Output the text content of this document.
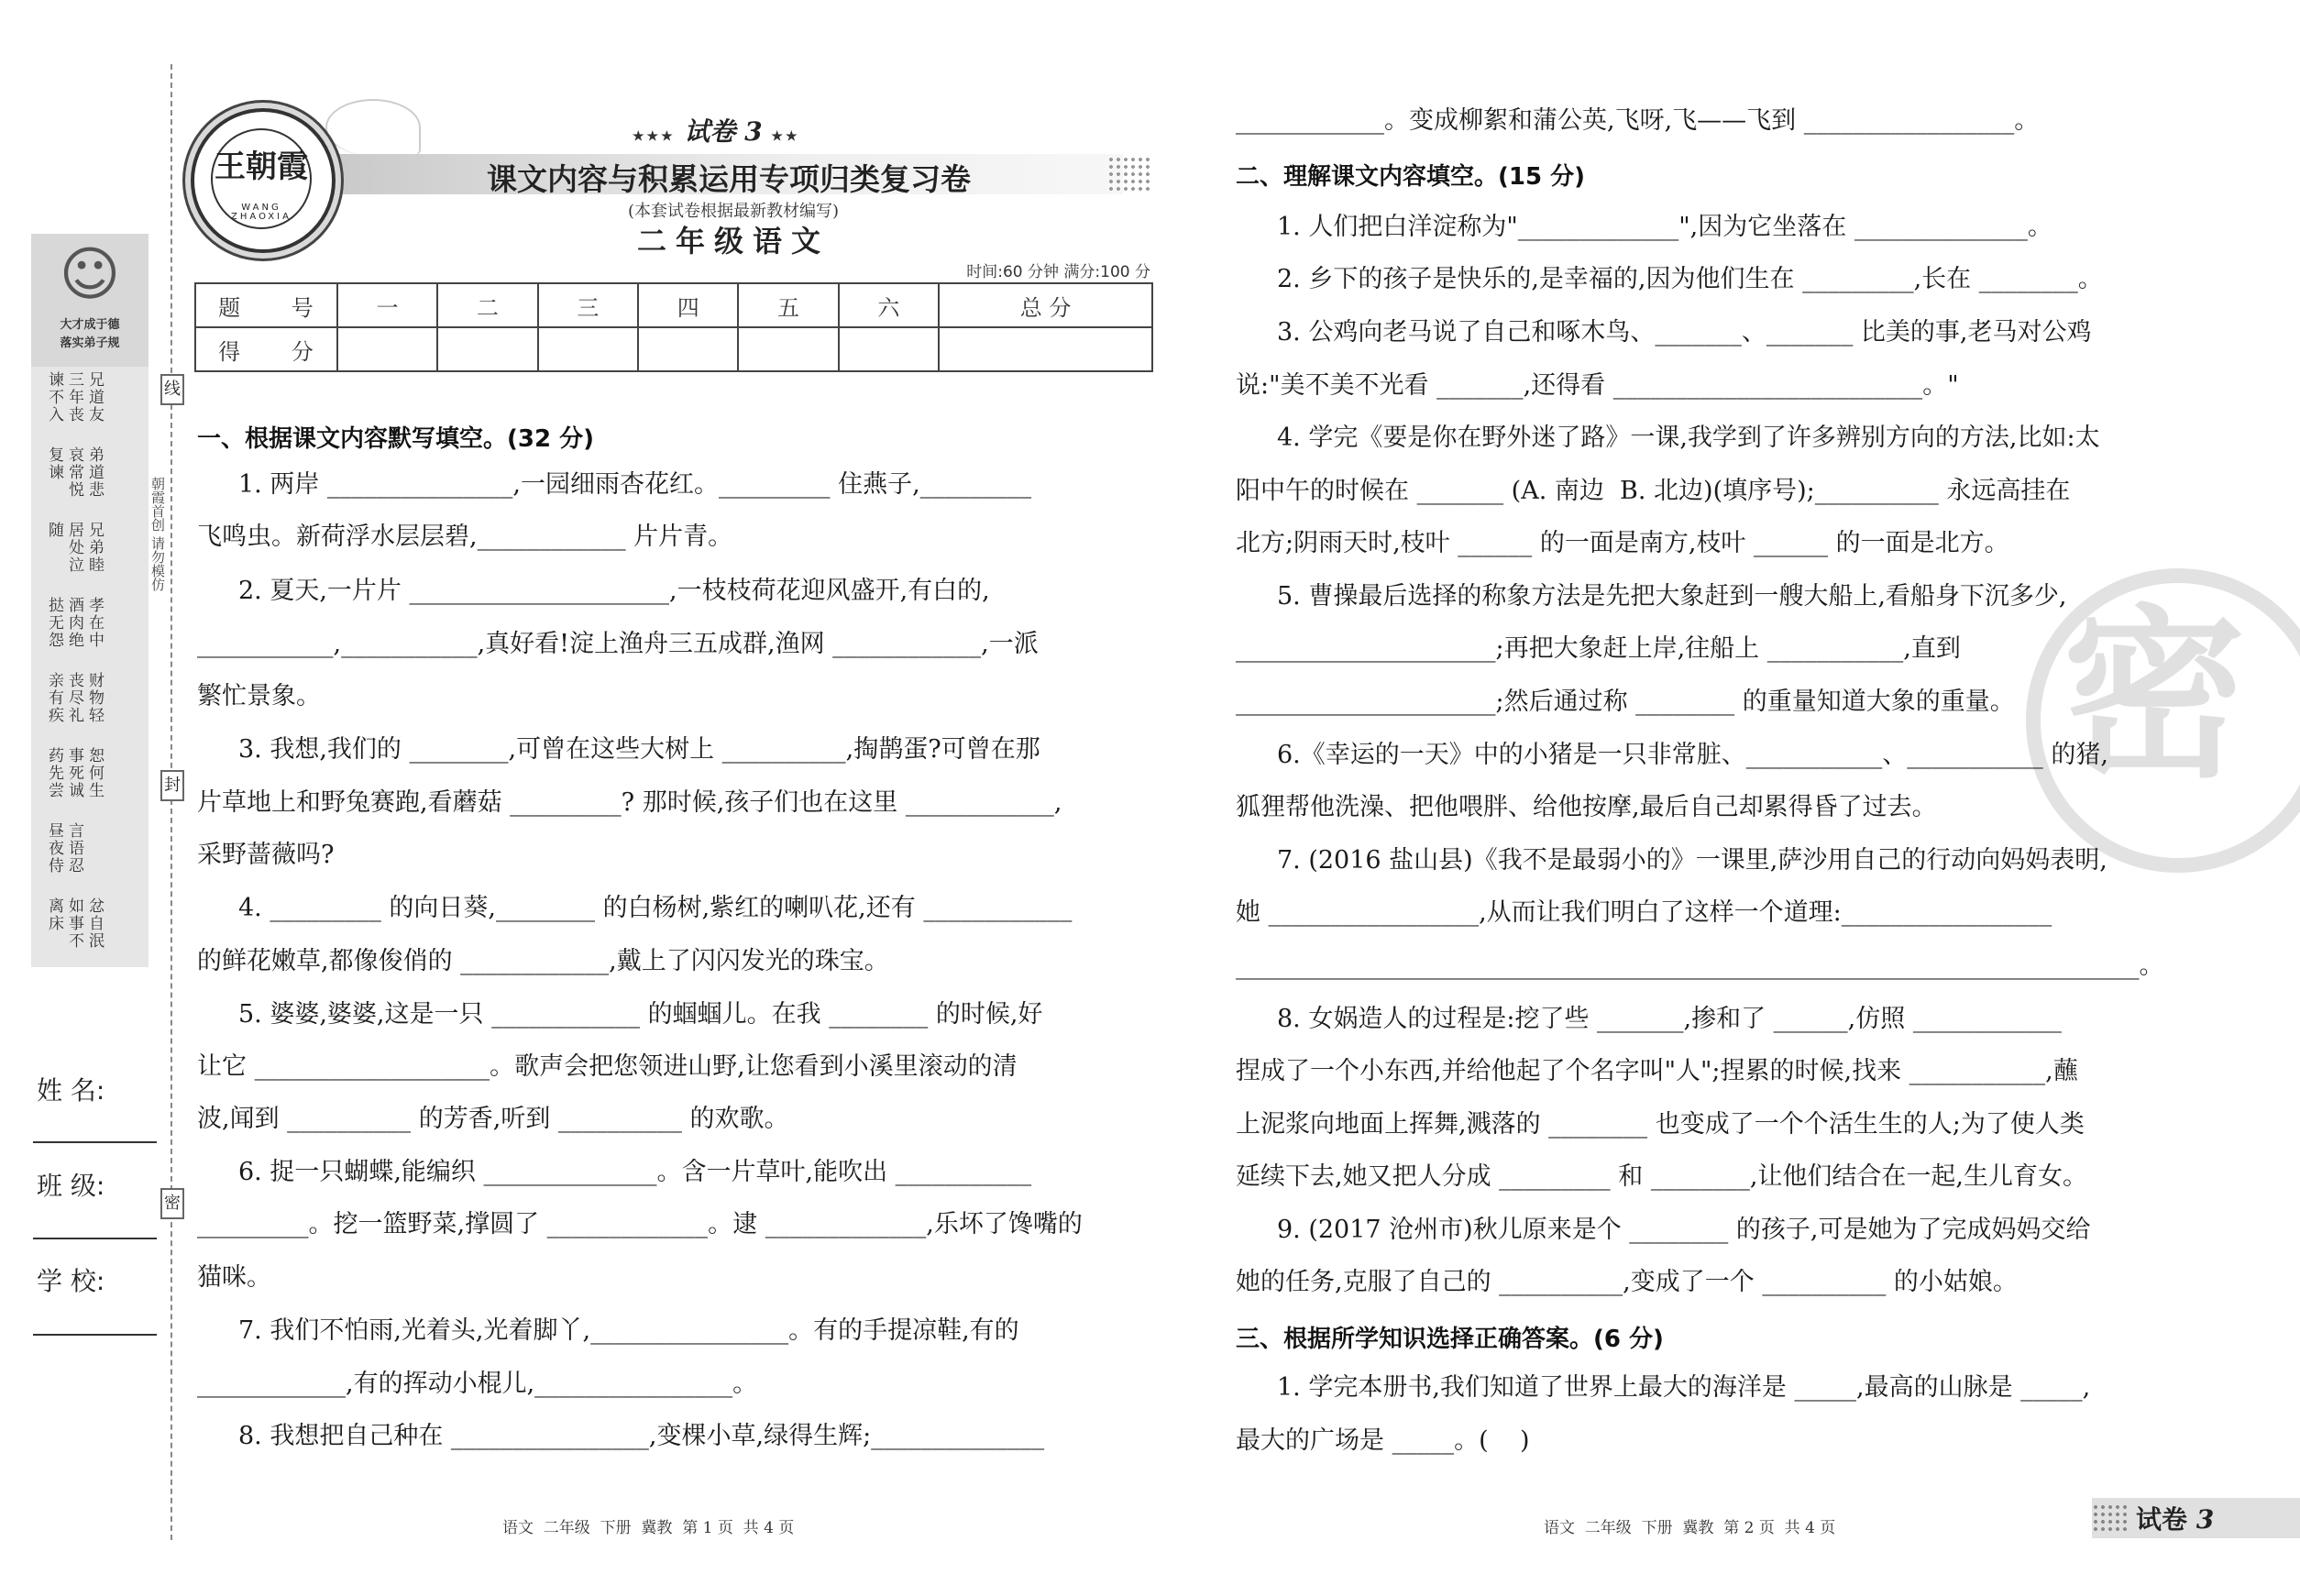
线
封
密
☺
大才成于德
落实弟子规
兄道友三年丧谏不入
弟道悲哀常悦复谏
兄弟睦居处泣随
孝在中酒肉绝挞无怨
财物轻丧尽礼亲有疾
恕何生事死诚药先尝
言语忍昼夜侍
忿自泯如事不离床
朝霞首创 请勿模仿
姓 名:
班 级:
学 校:
王朝霞
WANG ZHAOXIA
★★★ 试卷 3 ★★
课文内容与积累运用专项归类复习卷
(本套试卷根据最新教材编写)
二年级语文
时间:60 分钟 满分:100 分
题 号	一	二	三	四	五	六	总 分
得 分							
一、根据课文内容默写填空。(32 分)
1. 两岸 _______________,一园细雨杏花红。_________ 住燕子,_________
飞鸣虫。新荷浮水层层碧,____________ 片片青。
2. 夏天,一片片 _____________________,一枝枝荷花迎风盛开,有白的,
___________,___________,真好看!淀上渔舟三五成群,渔网 ____________,一派
繁忙景象。
3. 我想,我们的 ________,可曾在这些大树上 __________,掏鹊蛋?可曾在那
片草地上和野兔赛跑,看蘑菇 _________? 那时候,孩子们也在这里 ____________,
采野蔷薇吗?
4. _________ 的向日葵,________ 的白杨树,紫红的喇叭花,还有 ____________
的鲜花嫩草,都像俊俏的 ____________,戴上了闪闪发光的珠宝。
5. 婆婆,婆婆,这是一只 ____________ 的蝈蝈儿。在我 ________ 的时候,好
让它 ___________________。歌声会把您领进山野,让您看到小溪里滚动的清
波,闻到 __________ 的芳香,听到 __________ 的欢歌。
6. 捉一只蝴蝶,能编织 ______________。含一片草叶,能吹出 ___________
_________。挖一篮野菜,撑圆了 _____________。逮 _____________,乐坏了馋嘴的
猫咪。
7. 我们不怕雨,光着头,光着脚丫,________________。有的手提凉鞋,有的
____________,有的挥动小棍儿,________________。
8. 我想把自己种在 ________________,变棵小草,绿得生辉;______________
语文  二年级  下册  冀教  第 1 页  共 4 页
密
____________。变成柳絮和蒲公英,飞呀,飞——飞到 _________________。
二、理解课文内容填空。(15 分)
1. 人们把白洋淀称为"_____________",因为它坐落在 ______________。
2. 乡下的孩子是快乐的,是幸福的,因为他们生在 _________,长在 ________。
3. 公鸡向老马说了自己和啄木鸟、_______、_______ 比美的事,老马对公鸡
说:"美不美不光看 _______,还得看 _________________________。"
4. 学完《要是你在野外迷了路》一课,我学到了许多辨别方向的方法,比如:太
阳中午的时候在 _______ (A. 南边  B. 北边)(填序号);__________ 永远高挂在
北方;阴雨天时,枝叶 ______ 的一面是南方,枝叶 ______ 的一面是北方。
5. 曹操最后选择的称象方法是先把大象赶到一艘大船上,看船身下沉多少,
_____________________;再把大象赶上岸,往船上 ___________,直到
_____________________;然后通过称 ________ 的重量知道大象的重量。
6.《幸运的一天》中的小猪是一只非常脏、___________、___________ 的猪,
狐狸帮他洗澡、把他喂胖、给他按摩,最后自己却累得昏了过去。
7. (2016 盐山县)《我不是最弱小的》一课里,萨沙用自己的行动向妈妈表明,
她 _________________,从而让我们明白了这样一个道理:_________________
_________________________________________________________________________。
8. 女娲造人的过程是:挖了些 _______,掺和了 ______,仿照 ____________
捏成了一个小东西,并给他起了个名字叫"人";捏累的时候,找来 ___________,蘸
上泥浆向地面上挥舞,溅落的 ________ 也变成了一个个活生生的人;为了使人类
延续下去,她又把人分成 _________ 和 ________,让他们结合在一起,生儿育女。
9. (2017 沧州市)秋儿原来是个 ________ 的孩子,可是她为了完成妈妈交给
她的任务,克服了自己的 __________,变成了一个 __________ 的小姑娘。
三、根据所学知识选择正确答案。(6 分)
1. 学完本册书,我们知道了世界上最大的海洋是 _____,最高的山脉是 _____,
最大的广场是 _____。(    )
语文  二年级  下册  冀教  第 2 页  共 4 页	试卷 3
